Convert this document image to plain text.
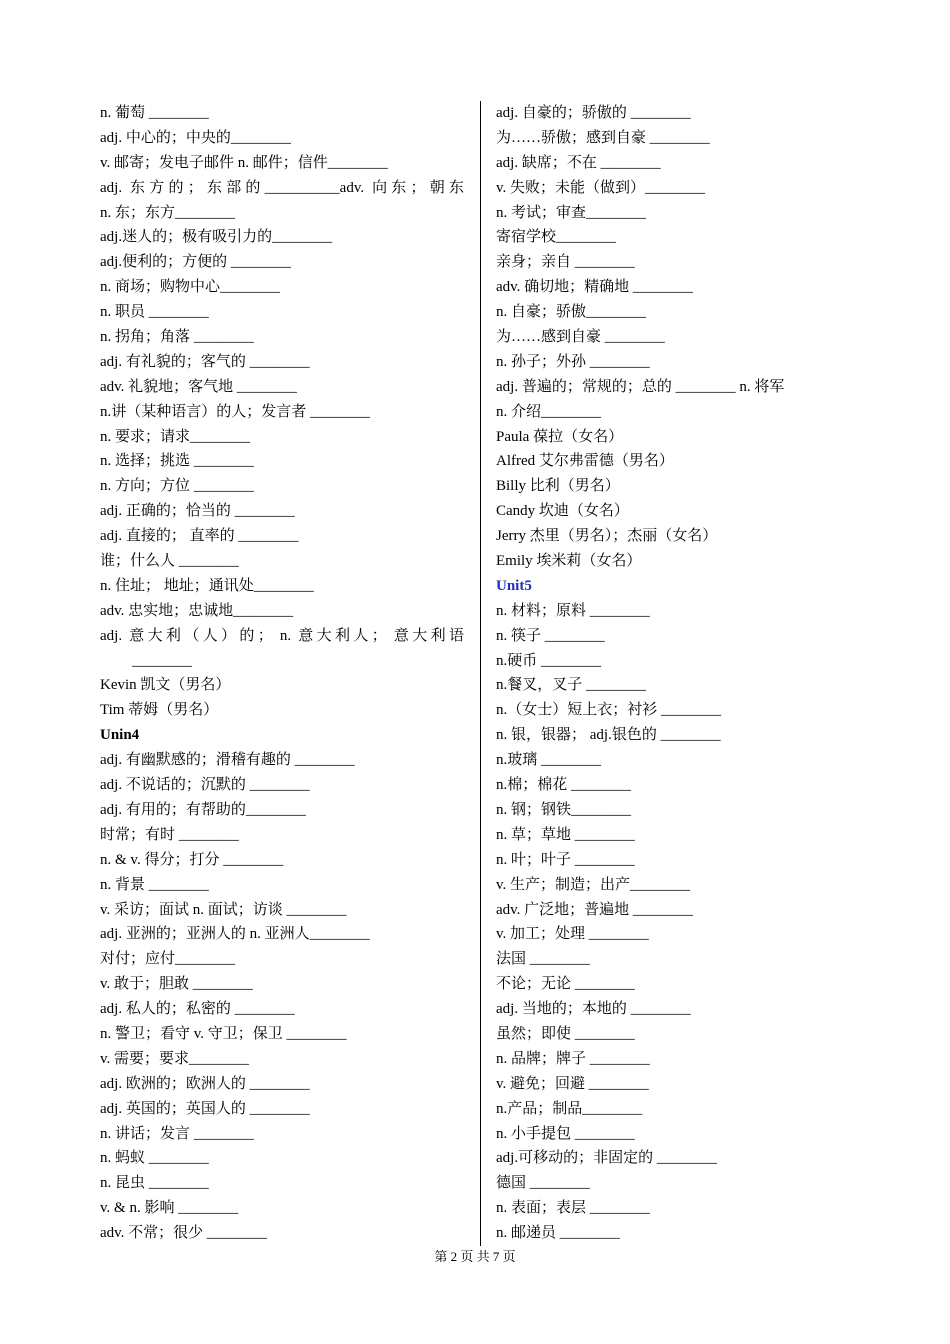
n. 葡萄 ________
adj. 中心的；中央的________
v. 邮寄；发电子邮件 n. 邮件；信件________
adj. 东方的；东部的__________adv. 向东；朝东
n. 东；东方________
adj.迷人的；极有吸引力的________
adj.便利的；方便的 ________
n. 商场；购物中心________
n. 职员 ________
n. 拐角；角落 ________
adj. 有礼貌的；客气的 ________
adv. 礼貌地；客气地 ________
n.讲（某种语言）的人；发言者 ________
n. 要求；请求________
n. 选择；挑选 ________
n. 方向；方位 ________
adj. 正确的；恰当的 ________
adj. 直接的； 直率的 ________
谁；什么人 ________
n. 住址； 地址；通讯处________
adv. 忠实地；忠诚地________
adj. 意大利（人）的； n. 意大利人； 意大利语
________
Kevin 凯文（男名）
Tim 蒂姆（男名）
Unin4
adj. 有幽默感的；滑稽有趣的 ________
adj. 不说话的；沉默的 ________
adj. 有用的；有帮助的________
时常；有时 ________
n. & v. 得分；打分 ________
n. 背景 ________
v. 采访；面试 n. 面试；访谈 ________
adj. 亚洲的；亚洲人的 n. 亚洲人________
对付；应付________
v. 敢于；胆敢 ________
adj. 私人的；私密的 ________
n. 警卫；看守 v. 守卫；保卫 ________
v. 需要；要求________
adj. 欧洲的；欧洲人的 ________
adj. 英国的；英国人的 ________
n. 讲话；发言 ________
n. 蚂蚁 ________
n. 昆虫 ________
v. & n. 影响 ________
adv. 不常；很少 ________
adj. 自豪的；骄傲的 ________
为……骄傲；感到自豪 ________
adj. 缺席；不在 ________
v. 失败；未能（做到）________
n. 考试；审查________
寄宿学校________
亲身；亲自 ________
adv. 确切地；精确地 ________
n. 自豪；骄傲________
为……感到自豪 ________
n. 孙子；外孙 ________
adj. 普遍的；常规的；总的 ________ n. 将军
n. 介绍________
Paula 葆拉（女名）
Alfred 艾尔弗雷德（男名）
Billy 比利（男名）
Candy 坎迪（女名）
Jerry 杰里（男名）；杰丽（女名）
Emily 埃米莉（女名）
Unit5
n. 材料；原料 ________
n. 筷子 ________
n.硬币 ________
n.餐叉，叉子 ________
n.（女士）短上衣；衬衫 ________
n. 银，银器； adj.银色的 ________
n.玻璃 ________
n.棉；棉花 ________
n. 钢；钢铁________
n. 草；草地 ________
n. 叶；叶子 ________
v. 生产；制造；出产________
adv. 广泛地；普遍地 ________
v. 加工；处理 ________
法国 ________
不论；无论 ________
adj. 当地的；本地的 ________
虽然；即使 ________
n. 品牌；牌子 ________
v. 避免；回避 ________
n.产品；制品________
n. 小手提包 ________
adj.可移动的；非固定的 ________
德国 ________
n. 表面；表层 ________
n. 邮递员 ________
第 2 页 共 7 页
